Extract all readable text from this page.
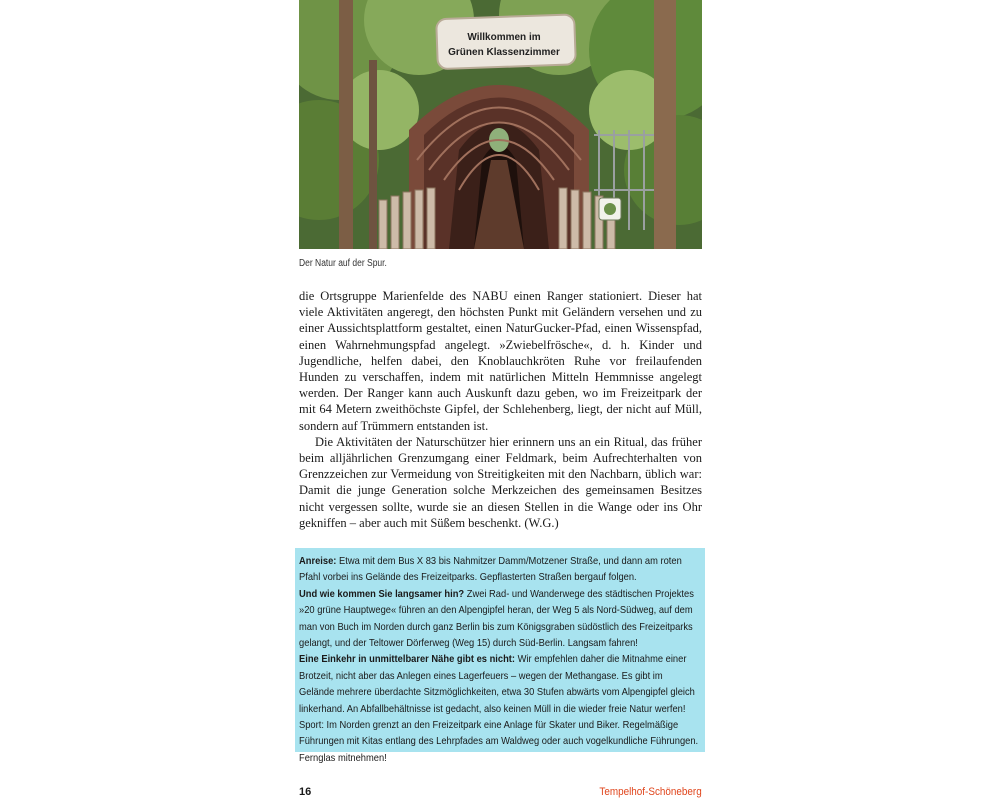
Willkommen im
Grünen Klassenzimmer
Der Natur auf der Spur.

die Ortsgruppe Marienfelde des NABU einen Ranger stationiert. Dieser hat viele Aktivitäten angeregt, den höchsten Punkt mit Geländern versehen und zu einer Aussichtsplattform gestaltet, einen NaturGucker-Pfad, einen Wissenspfad, einen Wahrnehmungspfad angelegt. »Zwiebelfrösche«, d. h. Kinder und Jugendliche, helfen dabei, den Knoblauchkröten Ruhe vor freilaufenden Hunden zu verschaffen, indem mit natürlichen Mitteln Hemmnisse angelegt werden. Der Ranger kann auch Auskunft dazu geben, wo im Freizeitpark der mit 64 Metern zweithöchste Gipfel, der Schlehenberg, liegt, der nicht auf Müll, sondern auf Trümmern entstanden ist.

Die Aktivitäten der Naturschützer hier erinnern uns an ein Ritual, das früher beim alljährlichen Grenzumgang einer Feldmark, beim Aufrechterhalten von Grenzzeichen zur Vermeidung von Streitigkeiten mit den Nachbarn, üblich war: Damit die junge Generation solche Merkzeichen des gemeinsamen Besitzes nicht vergessen sollte, wurde sie an diesen Stellen in die Wange oder ins Ohr gekniffen – aber auch mit Süßem beschenkt. (W.G.)

Anreise: Etwa mit dem Bus X 83 bis Nahmitzer Damm/Motzener Straße, und dann am roten Pfahl vorbei ins Gelände des Freizeitparks. Gepflasterten Straßen bergauf folgen.

Und wie kommen Sie langsamer hin? Zwei Rad- und Wanderwege des städtischen Projektes »20 grüne Hauptwege« führen an den Alpengipfel heran, der Weg 5 als Nord-Südweg, auf dem man von Buch im Norden durch ganz Berlin bis zum Königsgraben südöstlich des Freizeitparks gelangt, und der Teltower Dörferweg (Weg 15) durch Süd-Berlin. Langsam fahren!

Eine Einkehr in unmittelbarer Nähe gibt es nicht: Wir empfehlen daher die Mitnahme einer Brotzeit, nicht aber das Anlegen eines Lagerfeuers – wegen der Methangase. Es gibt im Gelände mehrere überdachte Sitzmöglichkeiten, etwa 30 Stufen abwärts vom Alpengipfel gleich linkerhand. An Abfallbehältnisse ist gedacht, also keinen Müll in die wieder freie Natur werfen! Sport: Im Norden grenzt an den Freizeitpark eine Anlage für Skater und Biker. Regelmäßige Führungen mit Kitas entlang des Lehrpfades am Waldweg oder auch vogelkundliche Führungen. Fernglas mitnehmen!

16	Tempelhof-Schöneberg
